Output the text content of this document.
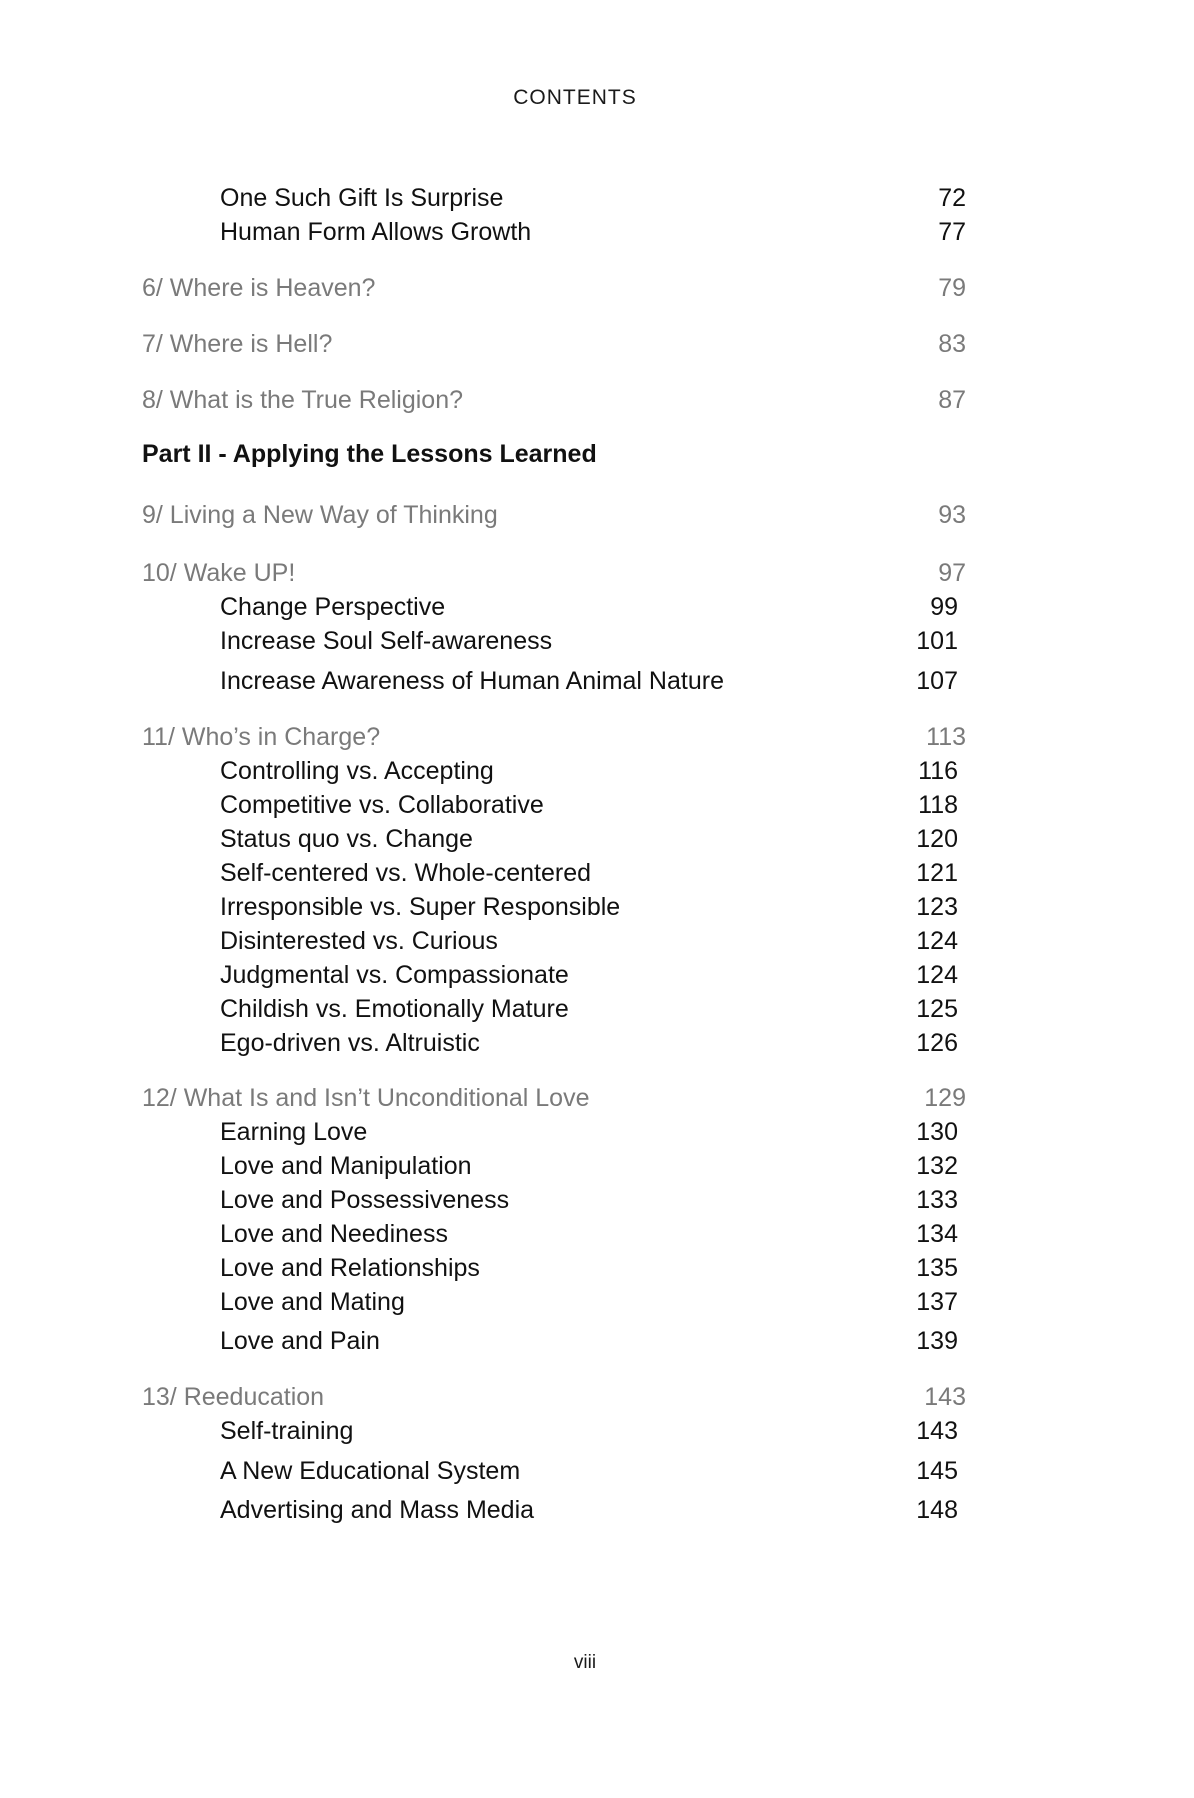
CONTENTS
One Such Gift Is Surprise	72
Human Form Allows Growth	77
6/ Where is Heaven?	79
7/ Where is Hell?	83
8/ What is the True Religion?	87
Part II - Applying the Lessons Learned
9/ Living a New Way of Thinking	93
10/ Wake UP!	97
Change Perspective	99
Increase Soul Self-awareness	101
Increase Awareness of Human Animal Nature	107
11/ Who’s in Charge?	113
Controlling vs. Accepting	116
Competitive vs. Collaborative	118
Status quo vs. Change	120
Self-centered vs. Whole-centered	121
Irresponsible vs. Super Responsible	123
Disinterested vs. Curious	124
Judgmental vs. Compassionate	124
Childish vs. Emotionally Mature	125
Ego-driven vs. Altruistic	126
12/ What Is and Isn’t Unconditional Love	129
Earning Love	130
Love and Manipulation	132
Love and Possessiveness	133
Love and Neediness	134
Love and Relationships	135
Love and Mating	137
Love and Pain	139
13/ Reeducation	143
Self-training	143
A New Educational System	145
Advertising and Mass Media	148
viii
